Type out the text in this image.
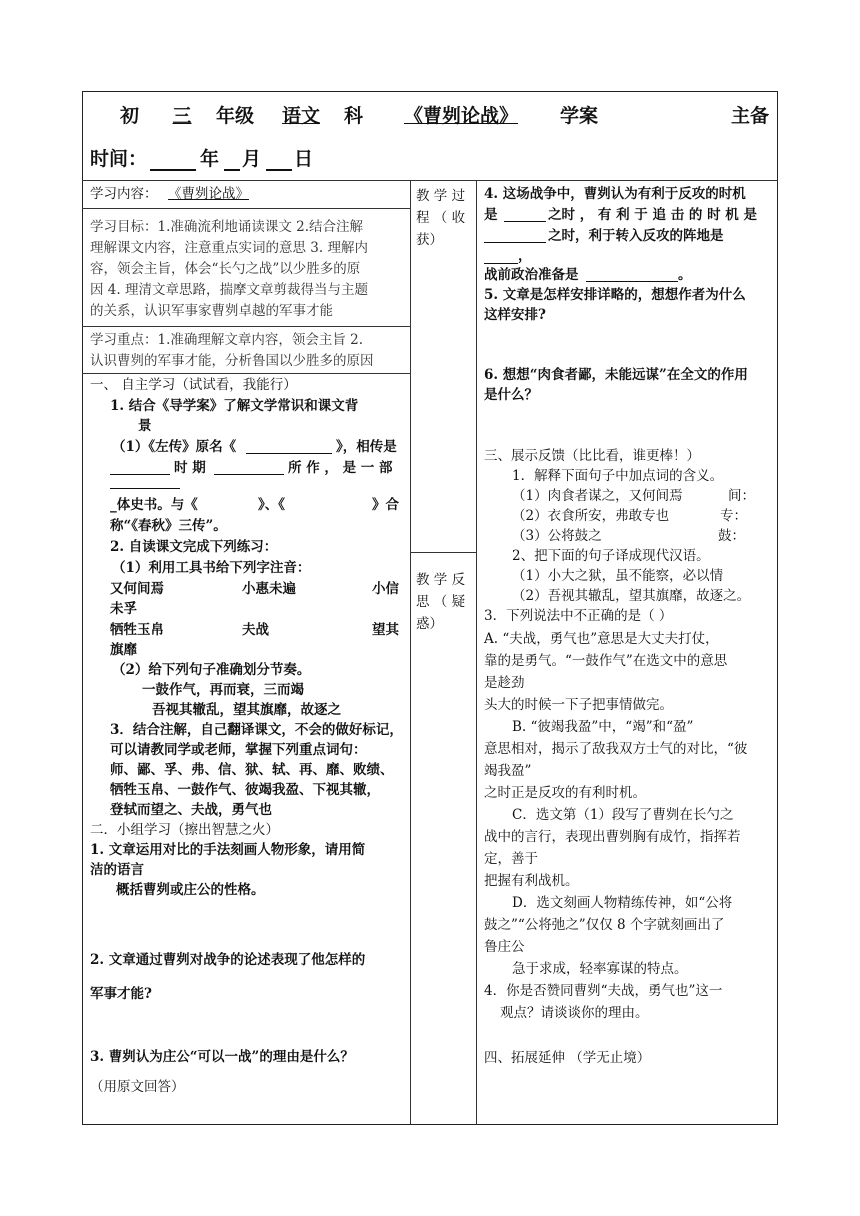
初	三	年级	语文	科	《曹刿论战》	学案	主备
时间：	年 月 日
学习内容： 《曹刿论战》
学习目标：1.准确流利地诵读课文 2.结合注解
理解课文内容，注意重点实词的意思 3. 理解内
容，领会主旨，体会“长勺之战”以少胜多的原
因 4. 理清文章思路，揣摩文章剪裁得当与主题
的关系，认识军事家曹刿卓越的军事才能
学习重点：1.准确理解文章内容，领会主旨 2.
认识曹刿的军事才能，分析鲁国以少胜多的原因
一、 自主学习（试试看，我能行）
1. 结合《导学案》了解文学常识和课文背
景
（1）《左传》原名《	》，相传是
时 期	所 作 ， 是 一 部
_体史书。与《	》、《	》合
称“《春秋》三传”。
2. 自读课文完成下列练习：
（1）利用工具书给下列字注音：
又何间焉	小惠未遍	小信
未孚
牺牲玉帛	夫战	望其
旗靡
（2）给下列句子准确划分节奏。
一鼓作气，再而衰，三而竭
吾视其辙乱，望其旗靡，故逐之
3．结合注解，自己翻译课文，不会的做好标记，
可以请教同学或老师，掌握下列重点词句：
师、鄙、孚、弗、信、狱、轼、再、靡、败绩、
牺牲玉帛、一鼓作气、彼竭我盈、下视其辙，
登轼而望之、夫战，勇气也
二．小组学习（擦出智慧之火）
1. 文章运用对比的手法刻画人物形象，请用简
洁的语言
概括曹刿或庄公的性格。
2. 文章通过曹刿对战争的论述表现了他怎样的
军事才能?
3. 曹刿认为庄公“可以一战”的理由是什么？
（用原文回答）
教 学 过
程 （ 收
获）
教 学 反
思 （ 疑
惑）
4. 这场战争中，曹刿认为有利于反攻的时机
是	之时 ， 有 利 于 追 击 的 时 机 是
之时，利于转入反攻的阵地是
，
战前政治准备是	。
5. 文章是怎样安排详略的，想想作者为什么
这样安排?
6. 想想“肉食者鄙，未能远谋”在全文的作用
是什么？
三、展示反馈（比比看，谁更棒！）
1．解释下面句子中加点词的含义。
（1）肉食者谋之，又何间焉	间：
（2）衣食所安，弗敢专也	专：
（3）公将鼓之	鼓：
2、把下面的句子译成现代汉语。
（1）小大之狱，虽不能察，必以情
（2）吾视其辙乱，望其旗靡，故逐之。
3．下列说法中不正确的是（ ）
A. “夫战，勇气也”意思是大丈夫打仗，
靠的是勇气。“一鼓作气”在选文中的意思
是趁劲
头大的时候一下子把事情做完。
B. “彼竭我盈”中，“竭”和“盈”
意思相对，揭示了敌我双方士气的对比，“彼
竭我盈”
之时正是反攻的有利时机。
C．选文第（1）段写了曹刿在长勺之
战中的言行，表现出曹刿胸有成竹，指挥若
定，善于
把握有利战机。
D．选文刻画人物精练传神，如“公将
鼓之”“公将弛之”仅仅 8 个字就刻画出了
鲁庄公
急于求成，轻率寡谋的特点。
4．你是否赞同曹刿“夫战，勇气也”这一
观点？请谈谈你的理由。
四、拓展延伸 （学无止境）
